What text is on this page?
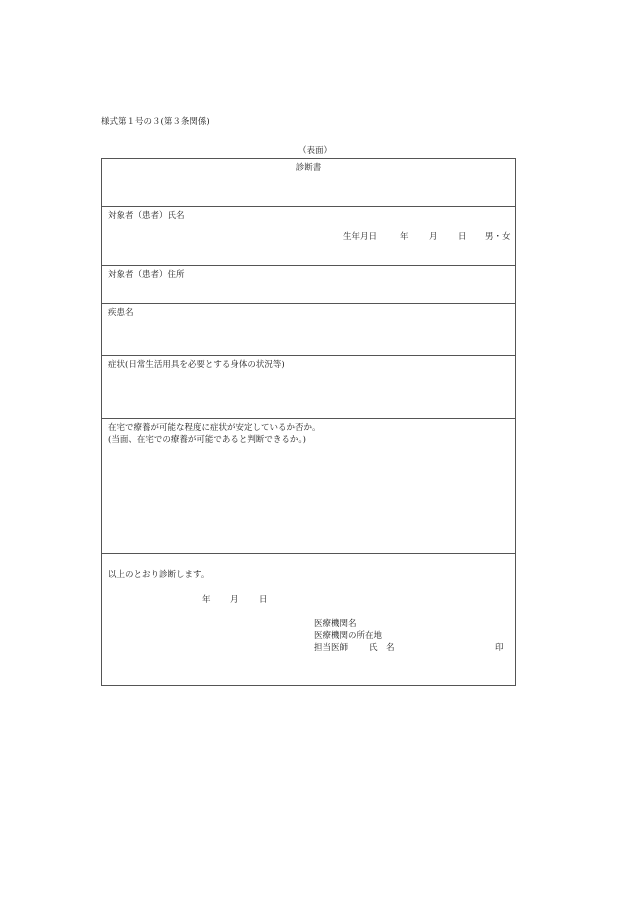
様式第１号の３(第３条関係)
（表面）
診断書
対象者（患者）氏名
生年月日	年 月 日 男・女
対象者（患者）住所
疾患名
症状(日常生活用具を必要とする身体の状況等)
在宅で療養が可能な程度に症状が安定しているか否か。
(当面、在宅での療養が可能であると判断できるか。)
以上のとおり診断します。
年 月 日
医療機関名
医療機関の所在地
担当医師 氏　名	印
